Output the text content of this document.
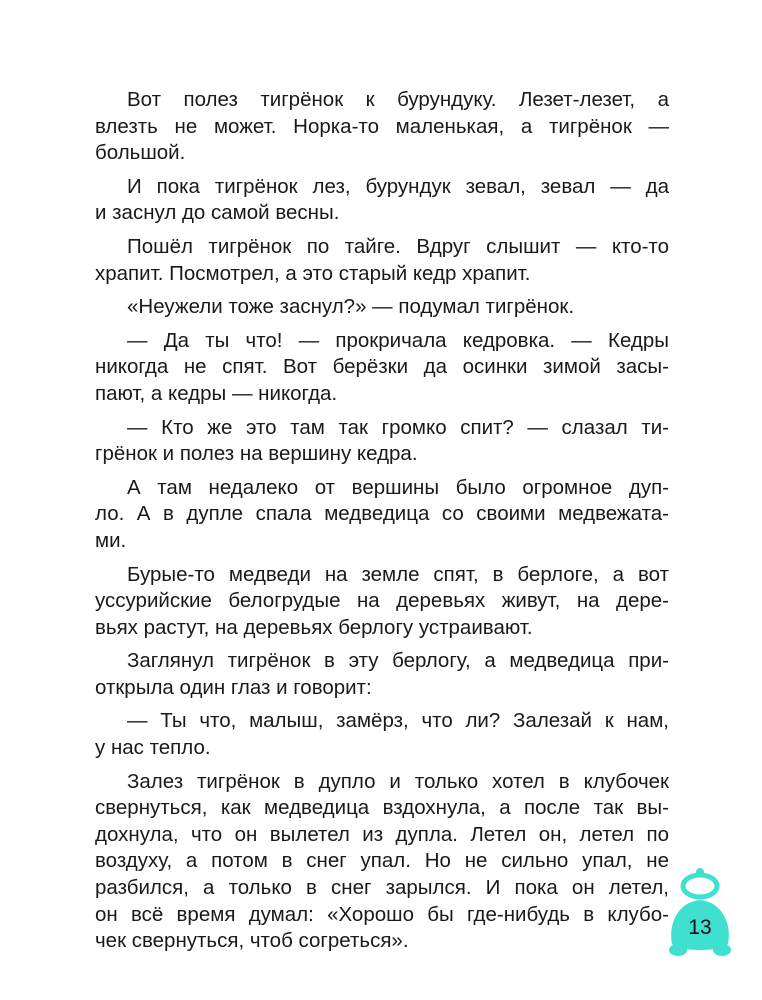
Вот полез тигрёнок к бурундуку. Лезет-лезет, а
влезть не может. Норка-то маленькая, а тигрёнок —
большой.
И пока тигрёнок лез, бурундук зевал, зевал — да
и заснул до самой весны.
Пошёл тигрёнок по тайге. Вдруг слышит — кто-то
храпит. Посмотрел, а это старый кедр храпит.
«Неужели тоже заснул?» — подумал тигрёнок.
— Да ты что! — прокричала кедровка. — Кедры
никогда не спят. Вот берёзки да осинки зимой засы-
пают, а кедры — никогда.
— Кто же это там так громко спит? — слазал ти-
грёнок и полез на вершину кедра.
А там недалеко от вершины было огромное дуп-
ло. А в дупле спала медведица со своими медвежата-
ми.
Бурые-то медведи на земле спят, в берлоге, а вот
уссурийские белогрудые на деревьях живут, на дере-
вьях растут, на деревьях берлогу устраивают.
Заглянул тигрёнок в эту берлогу, а медведица при-
открыла один глаз и говорит:
— Ты что, малыш, замёрз, что ли? Залезай к нам,
у нас тепло.
Залез тигрёнок в дупло и только хотел в клубочек
свернуться, как медведица вздохнула, а после так вы-
дохнула, что он вылетел из дупла. Летел он, летел по
воздуху, а потом в снег упал. Но не сильно упал, не
разбился, а только в снег зарылся. И пока он летел,
он всё время думал: «Хорошо бы где-нибудь в клубо-
чек свернуться, чтоб согреться».
13
